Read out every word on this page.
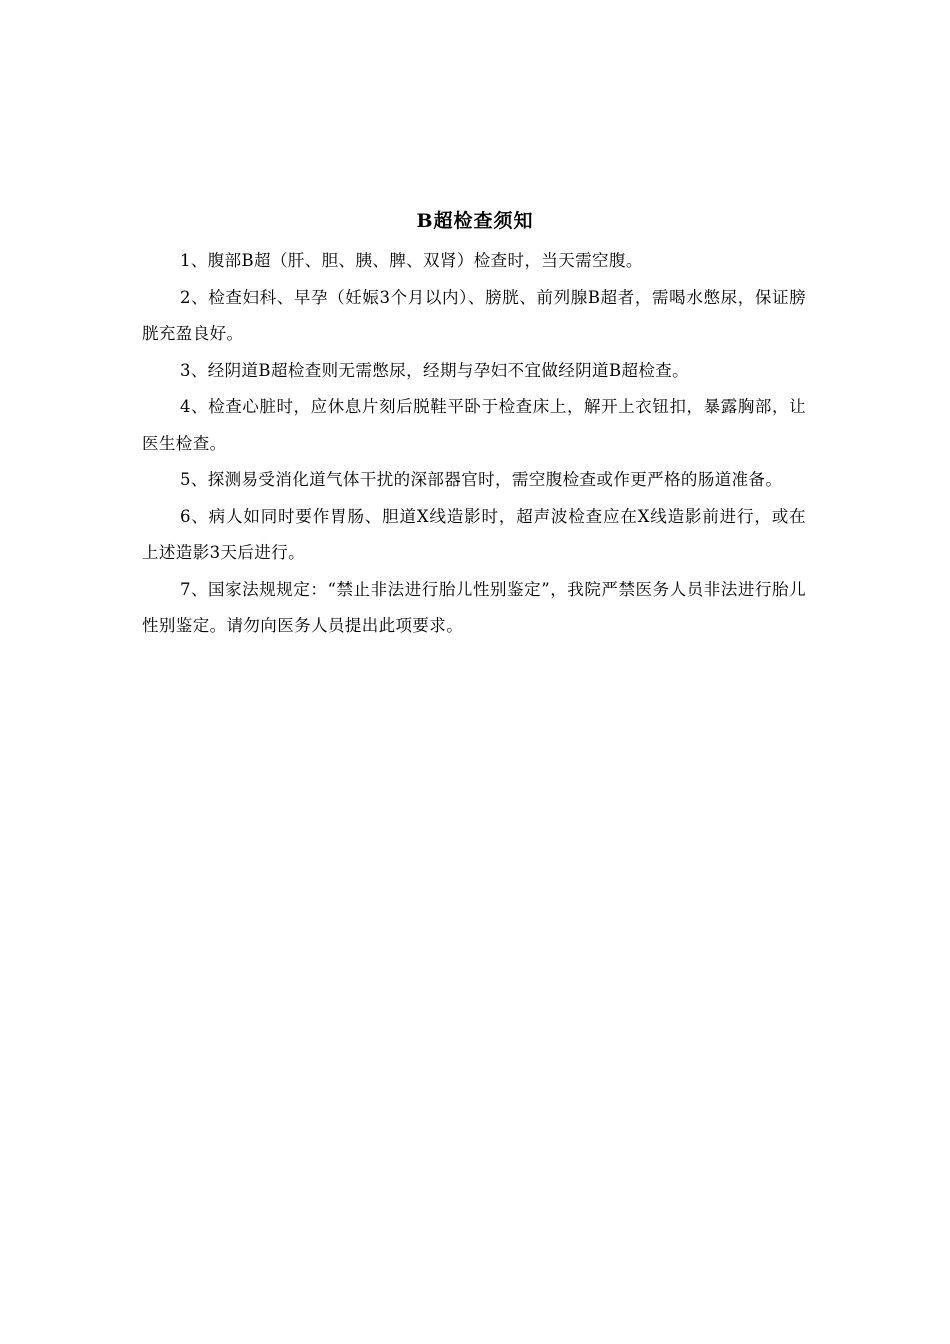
B超检查须知

1、腹部B超（肝、胆、胰、脾、双肾）检查时，当天需空腹。

2、检查妇科、早孕（妊娠3个月以内）、膀胱、前列腺B超者，需喝水憋尿，保证膀胱充盈良好。

3、经阴道B超检查则无需憋尿，经期与孕妇不宜做经阴道B超检查。

4、检查心脏时，应休息片刻后脱鞋平卧于检查床上，解开上衣钮扣，暴露胸部，让医生检查。

5、探测易受消化道气体干扰的深部器官时，需空腹检查或作更严格的肠道准备。

6、病人如同时要作胃肠、胆道X线造影时，超声波检查应在X线造影前进行，或在上述造影3天后进行。

7、国家法规规定：“禁止非法进行胎儿性别鉴定”，我院严禁医务人员非法进行胎儿性别鉴定。请勿向医务人员提出此项要求。
